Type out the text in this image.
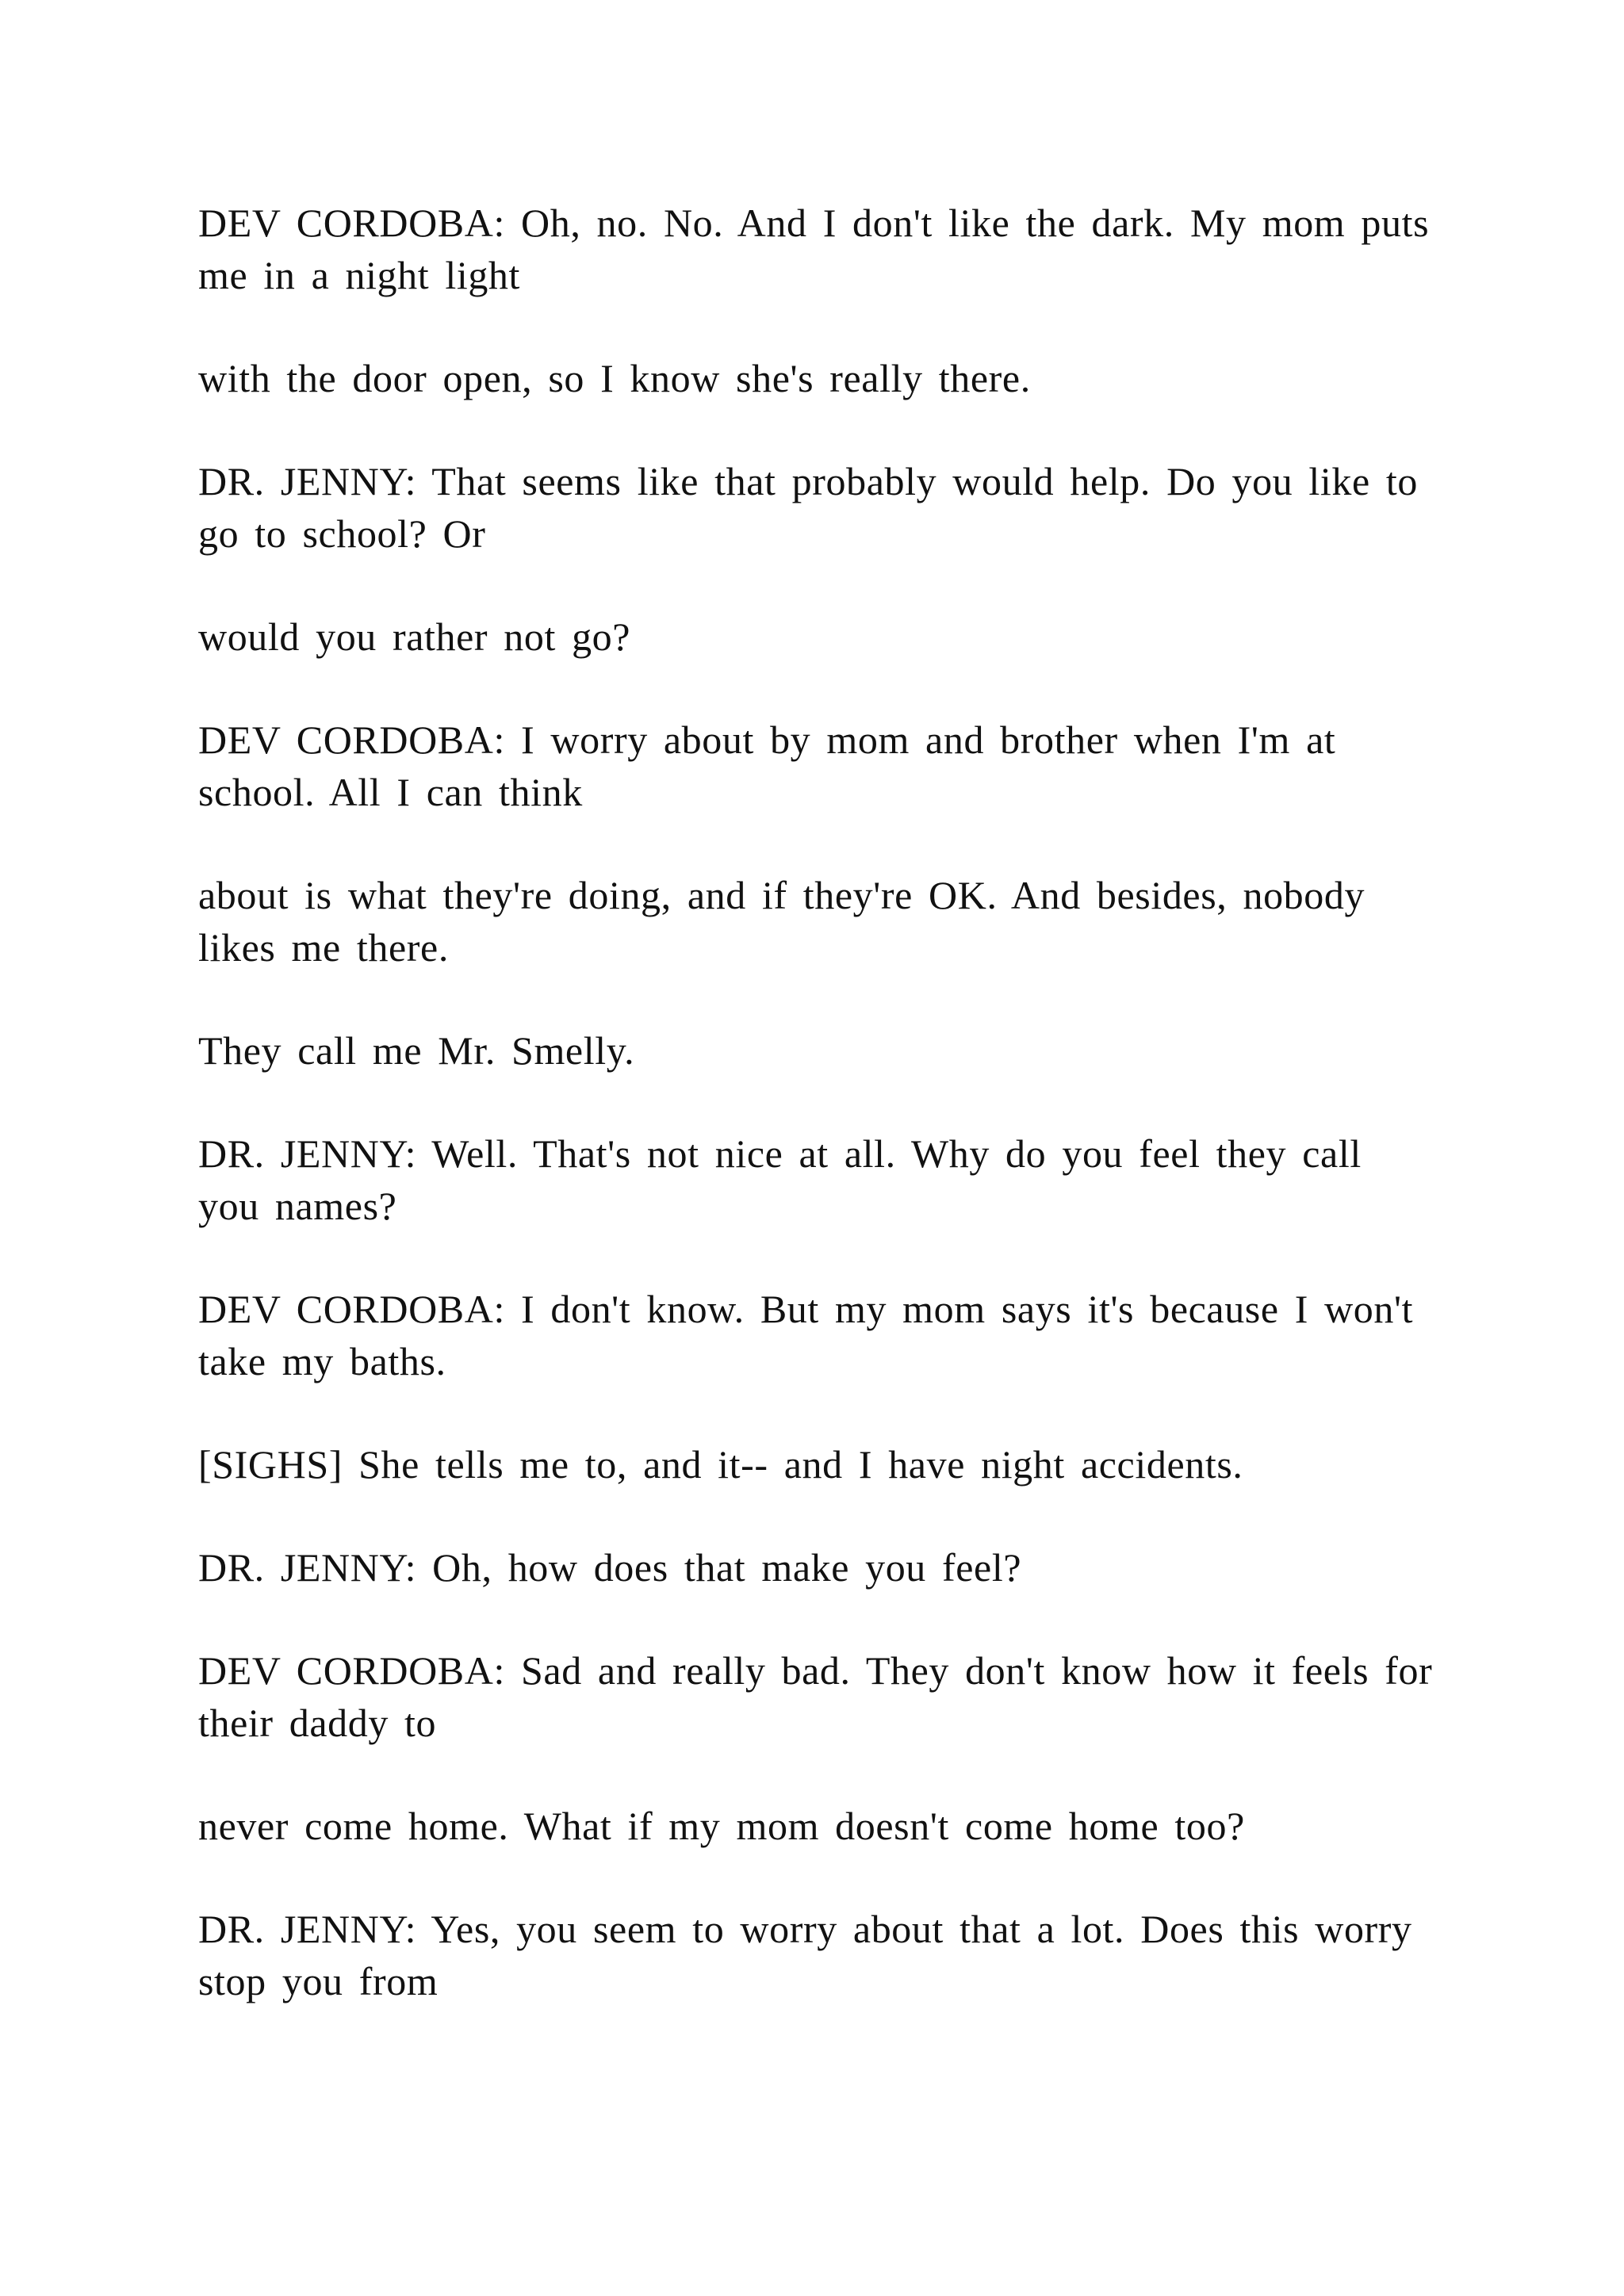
DEV CORDOBA: Oh, no. No. And I don't like the dark. My mom puts me in a night light

with the door open, so I know she's really there.

DR. JENNY: That seems like that probably would help. Do you like to go to school? Or

would you rather not go?

DEV CORDOBA: I worry about by mom and brother when I'm at school. All I can think

about is what they're doing, and if they're OK. And besides, nobody likes me there.

They call me Mr. Smelly.

DR. JENNY: Well. That's not nice at all. Why do you feel they call you names?

DEV CORDOBA: I don't know. But my mom says it's because I won't take my baths.

[SIGHS] She tells me to, and it-- and I have night accidents.

DR. JENNY: Oh, how does that make you feel?

DEV CORDOBA: Sad and really bad. They don't know how it feels for their daddy to

never come home. What if my mom doesn't come home too?

DR. JENNY: Yes, you seem to worry about that a lot. Does this worry stop you from
